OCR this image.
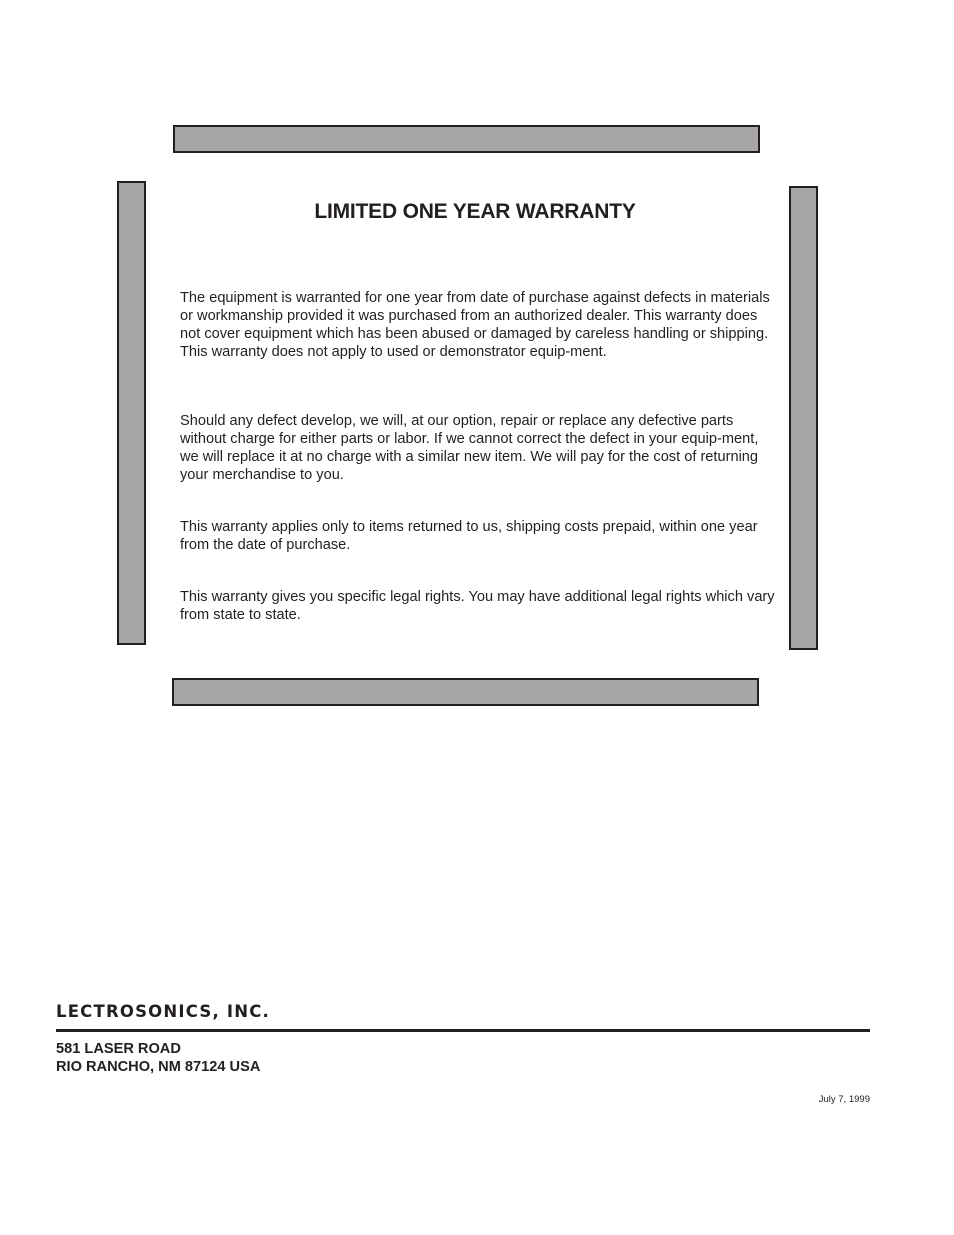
LIMITED ONE YEAR WARRANTY

The equipment is warranted for one year from date of purchase against defects in materials or workmanship provided it was purchased from an authorized dealer. This warranty does not cover equipment which has been abused or damaged by careless handling or shipping. This warranty does not apply to used or demonstrator equip-ment.

Should any defect develop, we will, at our option, repair or replace any defective parts without charge for either parts or labor. If we cannot correct the defect in your equip-ment, we will replace it at no charge with a similar new item. We will pay for the cost of returning your merchandise to you.

This warranty applies only to items returned to us, shipping costs prepaid, within one year from the date of purchase.

This warranty gives you specific legal rights. You may have additional legal rights which vary from state to state.

LECTROSONICS, INC.
581 LASER ROAD
RIO RANCHO, NM 87124 USA
July 7, 1999
